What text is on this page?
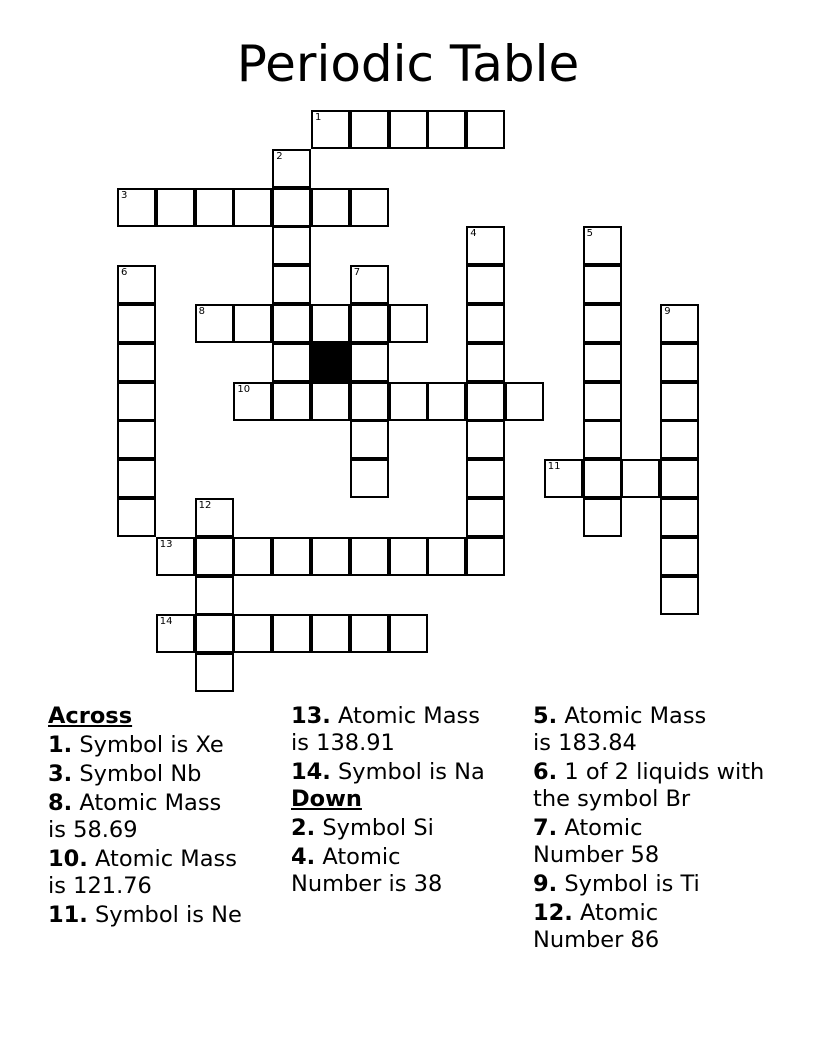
Periodic Table
1
2
3
4	5
6	7
8	9
10
11
12
13
14
Across
1. Symbol is Xe
3. Symbol Nb
8. Atomic Mass is 58.69
10. Atomic Mass is 121.76
11. Symbol is Ne
13. Atomic Mass is 138.91
14. Symbol is Na
Down
2. Symbol Si
4. Atomic Number is 38
5. Atomic Mass is 183.84
6. 1 of 2 liquids with the symbol Br
7. Atomic Number 58
9. Symbol is Ti
12. Atomic Number 86
